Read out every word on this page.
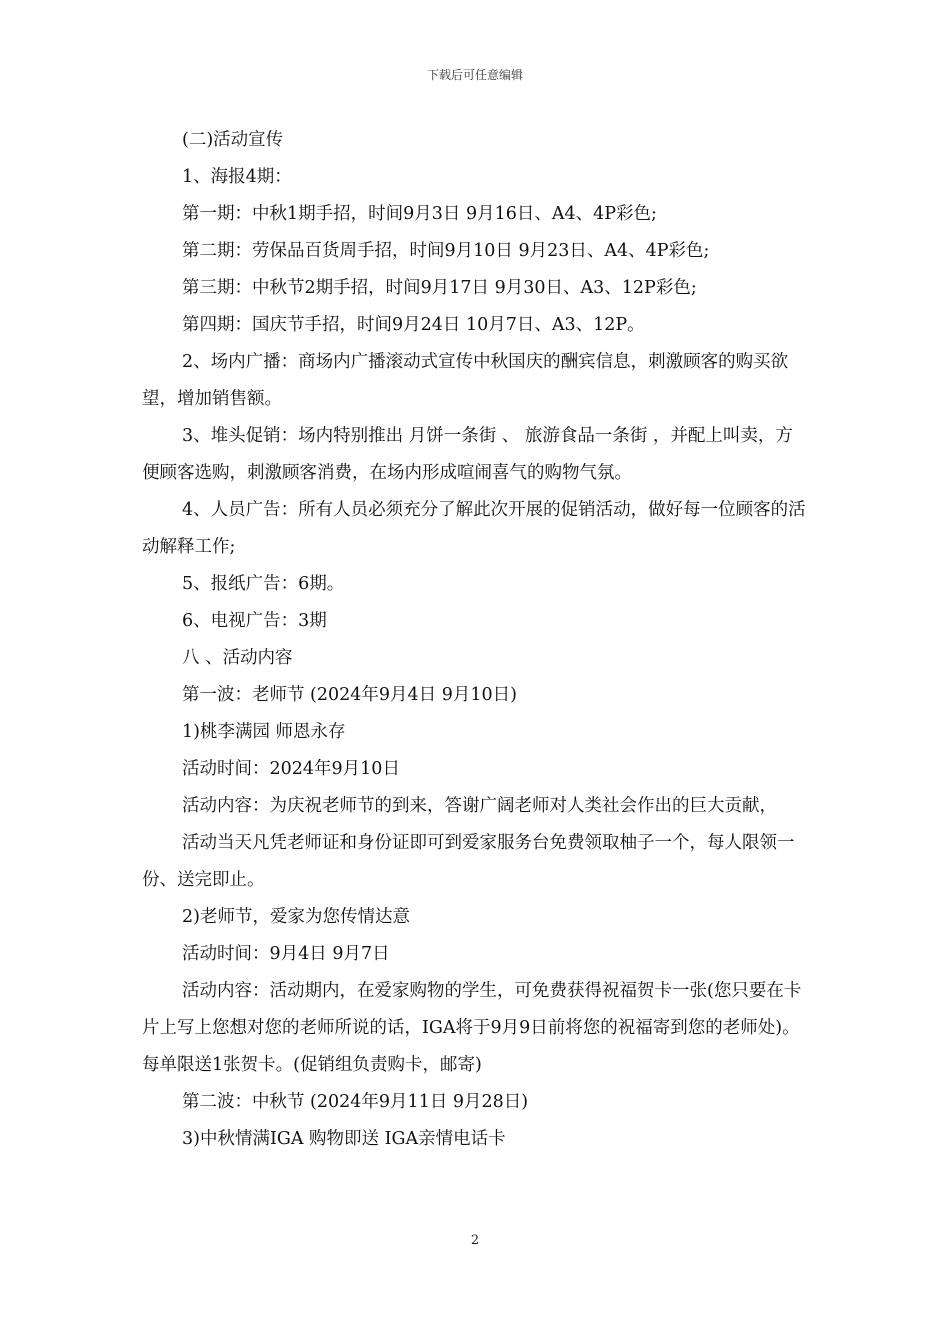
下载后可任意编辑
(二)活动宣传
1、海报4期：
第一期：中秋1期手招，时间9月3日 9月16日、A4、4P彩色;
第二期：劳保品百货周手招，时间9月10日 9月23日、A4、4P彩色;
第三期：中秋节2期手招，时间9月17日 9月30日、A3、12P彩色;
第四期：国庆节手招，时间9月24日 10月7日、A3、12P。
2、场内广播：商场内广播滚动式宣传中秋国庆的酬宾信息，刺激顾客的购买欲望，增加销售额。
3、堆头促销：场内特别推出 月饼一条街 、 旅游食品一条街 ，并配上叫卖，方便顾客选购，刺激顾客消费，在场内形成喧闹喜气的购物气氛。
4、人员广告：所有人员必须充分了解此次开展的促销活动，做好每一位顾客的活动解释工作;
5、报纸广告：6期。
6、电视广告：3期
八 、活动内容
第一波：老师节 (2024年9月4日 9月10日)
1)桃李满园 师恩永存
活动时间：2024年9月10日
活动内容：为庆祝老师节的到来，答谢广阔老师对人类社会作出的巨大贡献，
活动当天凡凭老师证和身份证即可到爱家服务台免费领取柚子一个，每人限领一份、送完即止。
2)老师节，爱家为您传情达意
活动时间：9月4日 9月7日
活动内容：活动期内，在爱家购物的学生，可免费获得祝福贺卡一张(您只要在卡片上写上您想对您的老师所说的话，IGA将于9月9日前将您的祝福寄到您的老师处)。每单限送1张贺卡。(促销组负责购卡，邮寄)
第二波：中秋节 (2024年9月11日 9月28日)
3)中秋情满IGA 购物即送 IGA亲情电话卡
2
